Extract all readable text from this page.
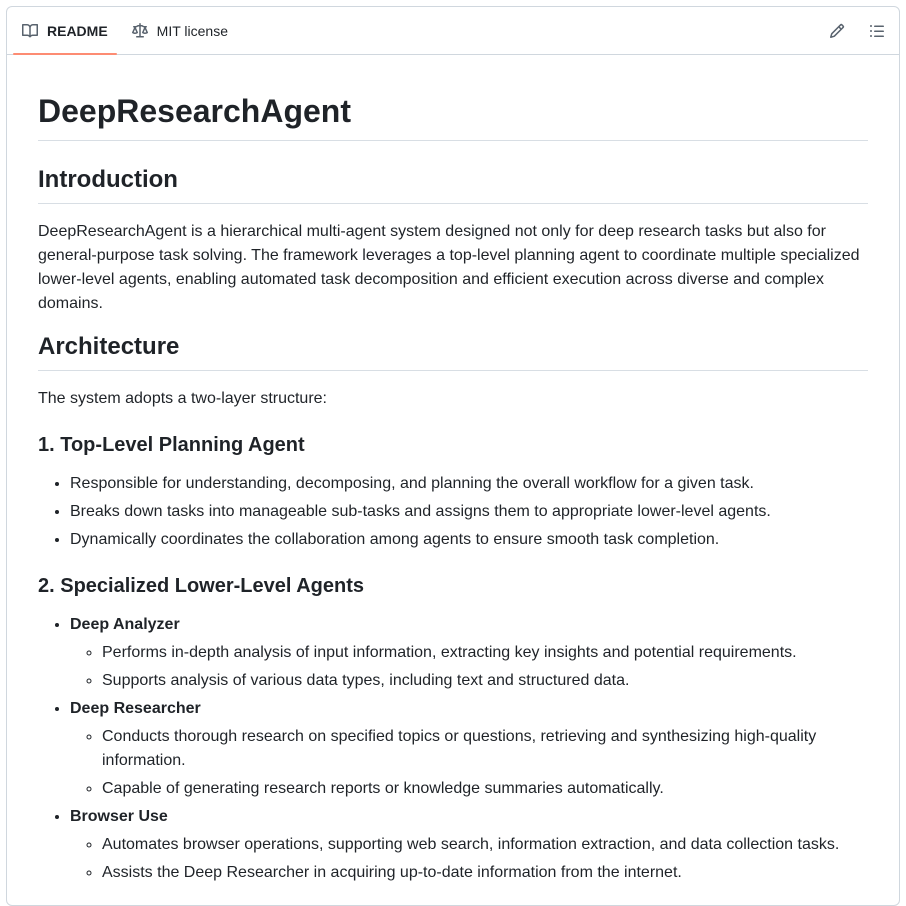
README	MIT license
DeepResearchAgent
Introduction

DeepResearchAgent is a hierarchical multi-agent system designed not only for deep research tasks but also for general-purpose task solving. The framework leverages a top-level planning agent to coordinate multiple specialized lower-level agents, enabling automated task decomposition and efficient execution across diverse and complex domains.

Architecture

The system adopts a two-layer structure:

1. Top-Level Planning Agent
• Responsible for understanding, decomposing, and planning the overall workflow for a given task.
• Breaks down tasks into manageable sub-tasks and assigns them to appropriate lower-level agents.
• Dynamically coordinates the collaboration among agents to ensure smooth task completion.
2. Specialized Lower-Level Agents
• Deep Analyzer
◦ Performs in-depth analysis of input information, extracting key insights and potential requirements.
◦ Supports analysis of various data types, including text and structured data.
• Deep Researcher
◦ Conducts thorough research on specified topics or questions, retrieving and synthesizing high-quality information.
◦ Capable of generating research reports or knowledge summaries automatically.
• Browser Use
◦ Automates browser operations, supporting web search, information extraction, and data collection tasks.
◦ Assists the Deep Researcher in acquiring up-to-date information from the internet.
